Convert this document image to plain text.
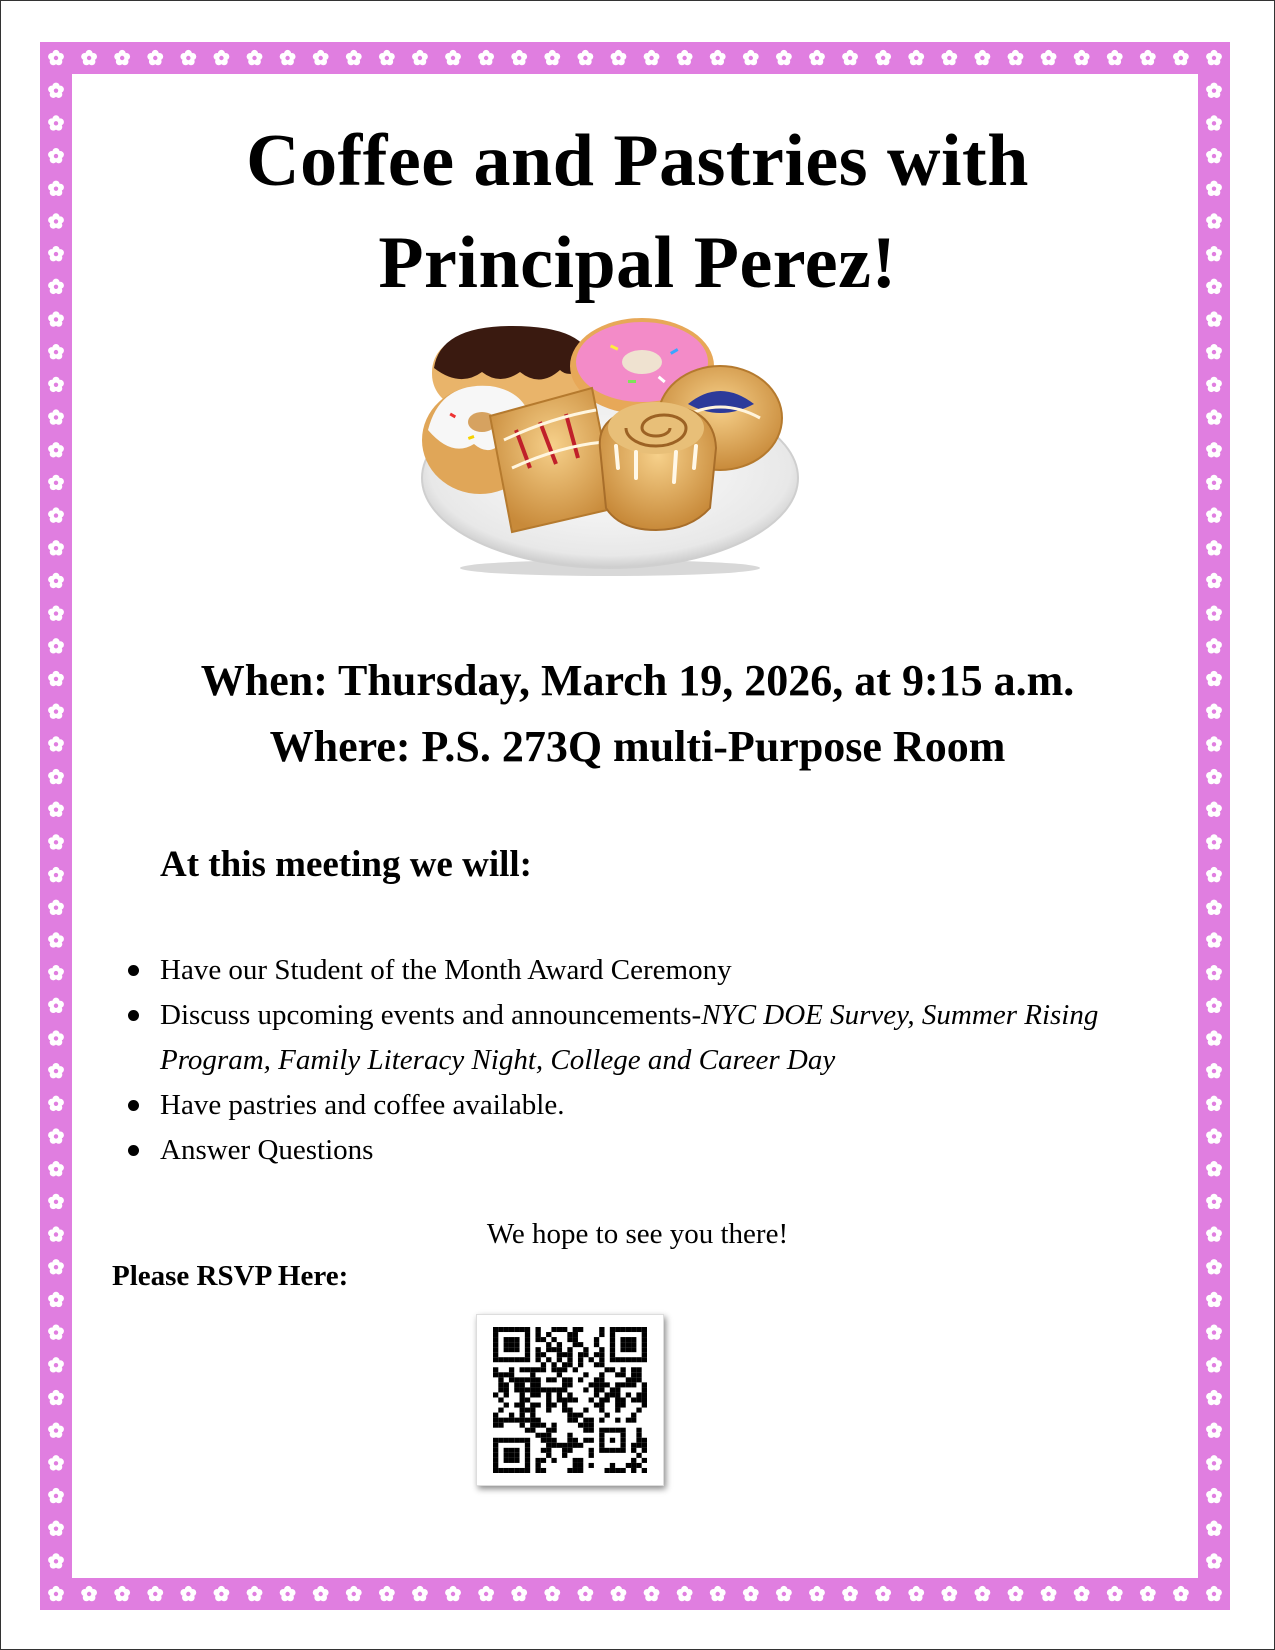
Coffee and Pastries with
Principal Perez!
When: Thursday, March 19, 2026, at 9:15 a.m.
Where: P.S. 273Q multi-Purpose Room
At this meeting we will:
Have our Student of the Month Award Ceremony
Discuss upcoming events and announcements-NYC DOE Survey, Summer Rising Program, Family Literacy Night, College and Career Day
Have pastries and coffee available.
Answer Questions
We hope to see you there!
Please RSVP Here:
